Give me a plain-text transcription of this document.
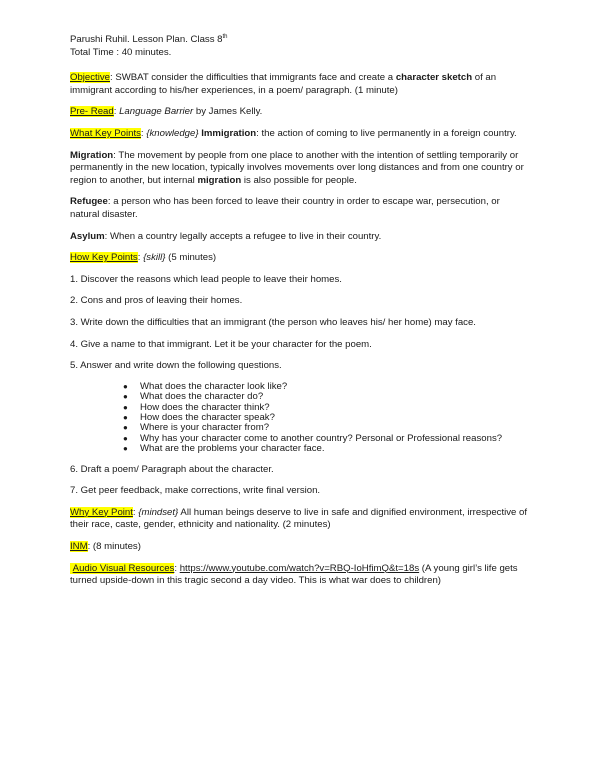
Parushi Ruhil. Lesson Plan. Class 8th
Total Time : 40 minutes.

Objective: SWBAT consider the difficulties that immigrants face and create a character sketch of an immigrant according to his/her experiences, in a poem/ paragraph. (1 minute)

Pre- Read: Language Barrier by James Kelly.

What Key Points: {knowledge} Immigration: the action of coming to live permanently in a foreign country.

Migration: The movement by people from one place to another with the intention of settling temporarily or permanently in the new location, typically involves movements over long distances and from one country or region to another, but internal migration is also possible for people.

Refugee: a person who has been forced to leave their country in order to escape war, persecution, or natural disaster.

Asylum: When a country legally accepts a refugee to live in their country.

How Key Points: {skill} (5 minutes)

1. Discover the reasons which lead people to leave their homes.

2. Cons and pros of leaving their homes.

3. Write down the difficulties that an immigrant (the person who leaves his/ her home) may face.

4. Give a name to that immigrant. Let it be your character for the poem.

5. Answer and write down the following questions.

● What does the character look like?
● What does the character do?
● How does the character think?
● How does the character speak?
● Where is your character from?
● Why has your character come to another country? Personal or Professional reasons?
● What are the problems your character face.

6. Draft a poem/ Paragraph about the character.

7. Get peer feedback, make corrections, write final version.

Why Key Point: {mindset} All human beings deserve to live in safe and dignified environment, irrespective of their race, caste, gender, ethnicity and nationality. (2 minutes)

INM: (8 minutes)

Audio Visual Resources: https://www.youtube.com/watch?v=RBQ-IoHfimQ&t=18s (A young girl’s life gets turned upside-down in this tragic second a day video. This is what war does to children)
